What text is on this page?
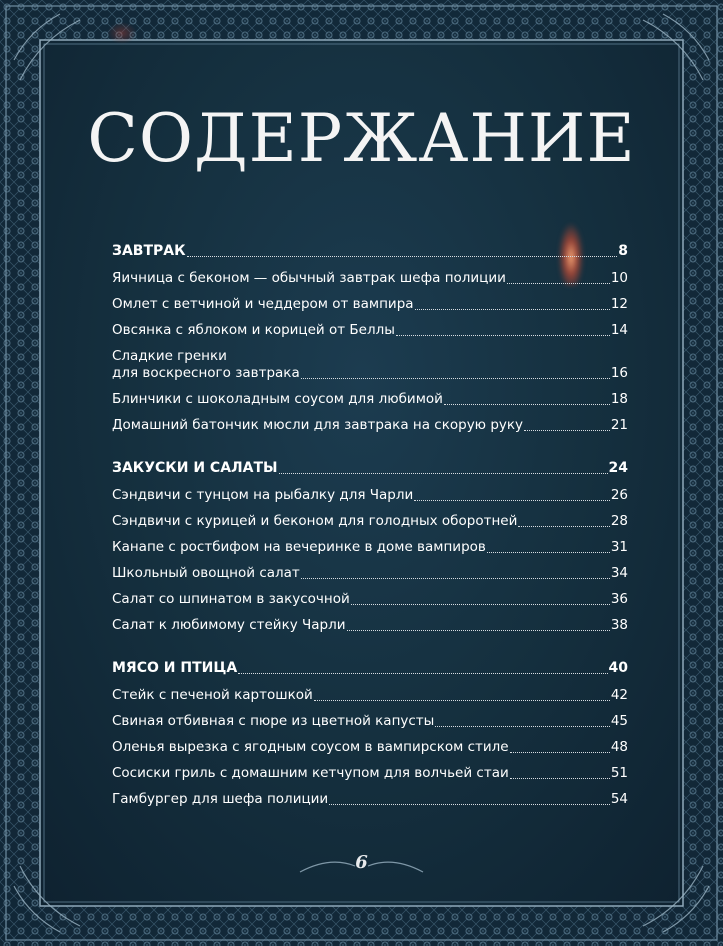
СОДЕРЖАНИЕ
ЗАВТРАК	8
Яичница с беконом — обычный завтрак шефа полиции	10
Омлет с ветчиной и чеддером от вампира	12
Овсянка с яблоком и корицей от Беллы	14
Сладкие гренки
для воскресного завтрака	16
Блинчики с шоколадным соусом для любимой	18
Домашний батончик мюсли для завтрака на скорую руку	21
ЗАКУСКИ И САЛАТЫ	24
Сэндвичи с тунцом на рыбалку для Чарли	26
Сэндвичи с курицей и беконом для голодных оборотней	28
Канапе с ростбифом на вечеринке в доме вампиров	31
Школьный овощной салат	34
Салат со шпинатом в закусочной	36
Салат к любимому стейку Чарли	38
МЯСО И ПТИЦА	40
Стейк с печеной картошкой	42
Свиная отбивная с пюре из цветной капусты	45
Оленья вырезка с ягодным соусом в вампирском стиле	48
Сосиски гриль с домашним кетчупом для волчьей стаи	51
Гамбургер для шефа полиции	54
6
